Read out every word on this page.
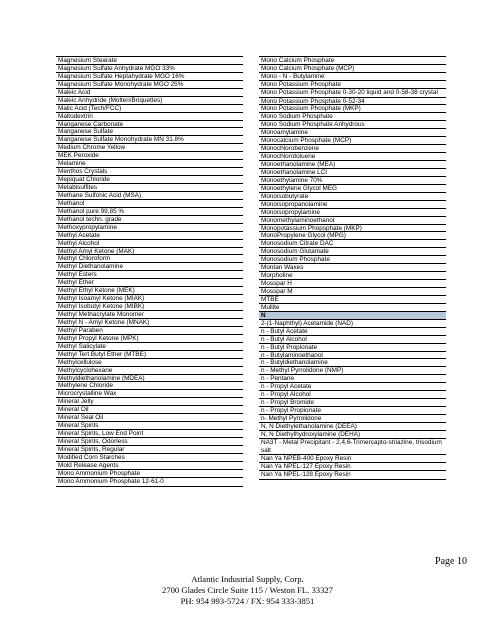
Magnesium Stearate
Magnesium Sulfate Anhydrate MGO 33%
Magnesium Sulfate Heptahydrate MGO 16%
Magnesium Sulfate Monohydrate MGO 25%
Maleic Acid
Maleic Anhydride (Molten/Briquettes)
Malic Acid (Tech/FCC)
Maltodextrin
Manganese Carbonate
Manganese Sulfate
Manganese Sulfate Monohydrate MN 31.8%
Medium Chrome Yellow
MEK Peroxide
Melamine
Menthos Crystals
Mepiquat Chloride
Metabisulfites
Methane Sulfonic Acid (MSA)
Methanol
Methanol pure 99,85 %
Methanol techn. grade
Methoxypropylamine
Methyl Acetate
Methyl Alcohol
Methyl Amyl Ketone (MAK)
Methyl Chloroform
Methyl Diethanolamine
Methyl Esters
Methyl Ether
Methyl Ethyl Ketone (MEK)
Methyl Isoamyl Ketone (MIAK)
Methyl Isobutyl Ketone (MIBK)
Methyl Methacrylate Monomer
Methyl N - Amyl Ketone (MNAK)
Methyl Paraben
Methyl Propyl Ketone (MPK)
Methyl Salicylate
Methyl Tert Butyl Ether (MTBE)
Methylcellulose
Methylcyclohexane
Methyldiethanolamine (MDEA)
Methylene Chloride
Microcrystalline Wax
Mineral Jelly
Mineral Oil
Mineral Seal Oil
Mineral Spirits
Mineral Spirits, Low End Point
Mineral Spirits, Odorless
Mineral Spirits, Regular
Modified Corn Starches
Mold Release Agents
Mono Ammonium Phosphate
Mono Ammonium Phosphate 12-61-0
Mono Calcium Phosphate
Mono Calcium Phosphate (MCP)
Mono - N - Butylamine
Mono Potassium Phosphate
Mono Potassium Phosphate 0-30-20 liquid and 0-58-38 crystal
Mono Potassium Phosphate 0-52-34
Mono Potassium Phosphate (MKP)
Mono Sodium Phosphate
Mono Sodium Phosphate Anhydrous
Monoamylamine
Monocalcium Phosphate (MCP)
Monochlorobenzene
Monochlorotoluene
Monoethanolamine (MEA)
Monoethanolamine LCI
Monoethylamine 70%
Monoethylene Glycol MEG
Monoisobutyrate
Monoisopropanolamine
Monoisopropylamine
Monomethylaminoethanol
Monopotassium Phopsphate (MKP)
MonoPropylene Glycol (MPG)
Monosodium Citrate DAC
Monosodium Glutamate
Monosodium Phosphate
Montan Waxes
Morpholine
Mosspar H
Mosspar M
MTBE
Mullite
N
2-(1-Naphthyl) Acetamide (NAD)
n - Butyl Acetate
n - Butyl Alcohol
n - Butyl Propionate
n - Butylaminoethanol
n - Butyldiethanolamine
n - Methyl Pyrrolidone (NMP)
n - Pentane
n - Propyl Acetate
n - Propyl Alcohol
n - Propyl Bromide
n - Propyl Propionate
n- Methyl Pyrrolidone
N, N Diethylethanolamine (DEEA)
N, N Diethylhydroxylamine (DEHA)
NA3T - Metal Precipitant - 2,4,6-Trimercapto-striazine, trisodium salt
Nan Ya NPEB-400 Epoxy Resin
Nan Ya NPEL-127 Epoxy Resin
Nan Ya NPEL-128 Epoxy Resin
Page 10
Atlantic Industrial Supply, Corp.
2700 Glades Circle Suite 115 / Weston FL. 33327
PH: 954 993-5724 / FX: 954 333-3851
